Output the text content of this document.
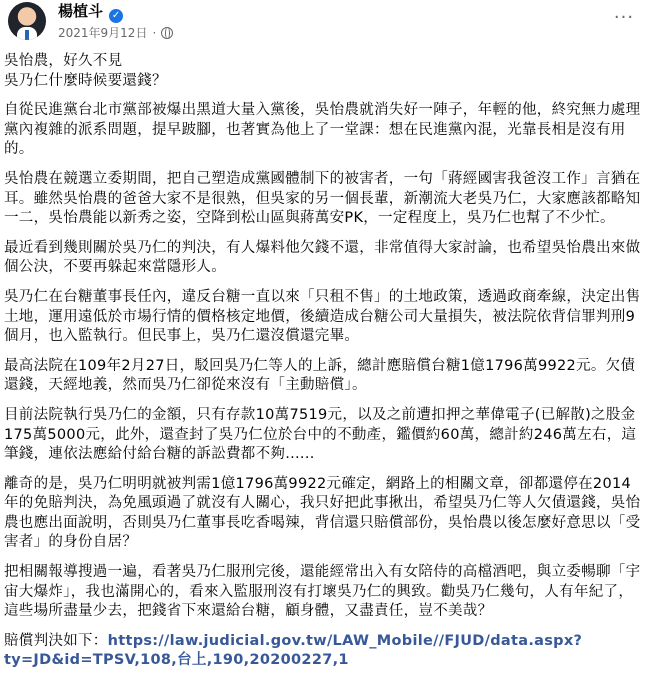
楊植斗 ✓
2021年9月12日 ·
···

吳怡農，好久不見
吳乃仁什麼時候要還錢？

自從民進黨台北市黨部被爆出黑道大量入黨後，吳怡農就消失好一陣子，年輕的他，終究無力處理黨內複雜的派系問題，提早跛腳，也著實為他上了一堂課：想在民進黨內混，光靠長相是沒有用的。

吳怡農在競選立委期間，把自己塑造成黨國體制下的被害者，一句「蔣經國害我爸沒工作」言猶在耳。雖然吳怡農的爸爸大家不是很熟，但吳家的另一個長輩，新潮流大老吳乃仁，大家應該都略知一二，吳怡農能以新秀之姿，空降到松山區與蔣萬安PK，一定程度上，吳乃仁也幫了不少忙。

最近看到幾則關於吳乃仁的判決，有人爆料他欠錢不還，非常值得大家討論，也希望吳怡農出來做個公決，不要再躲起來當隱形人。

吳乃仁在台糖董事長任內，違反台糖一直以來「只租不售」的土地政策，透過政商牽線，決定出售土地，運用遠低於市場行情的價格核定地價，後續造成台糖公司大量損失，被法院依背信罪判刑9個月，也入監執行。但民事上，吳乃仁還沒償還完畢。

最高法院在109年2月27日，駁回吳乃仁等人的上訴，總計應賠償台糖1億1796萬9922元。欠債還錢，天經地義，然而吳乃仁卻從來沒有「主動賠償」。

目前法院執行吳乃仁的金額，只有存款10萬7519元，以及之前遭扣押之華偉電子(已解散)之股金175萬5000元，此外，還查封了吳乃仁位於台中的不動產，鑑價約60萬，總計約246萬左右，這筆錢，連依法應給付給台糖的訴訟費都不夠......

離奇的是，吳乃仁明明就被判需1億1796萬9922元確定，網路上的相關文章，卻都還停在2014年的免賠判決，為免風頭過了就沒有人關心，我只好把此事揪出，希望吳乃仁等人欠債還錢，吳怡農也應出面說明，否則吳乃仁董事長吃香喝辣，背信還只賠償部份，吳怡農以後怎麼好意思以「受害者」的身份自居？

把相關報導搜過一遍，看著吳乃仁服刑完後，還能經常出入有女陪侍的高檔酒吧，與立委暢聊「宇宙大爆炸」，我也滿開心的，看來入監服刑沒有打壞吳乃仁的興致。勸吳乃仁幾句，人有年紀了，這些場所盡量少去，把錢省下來還給台糖，顧身體，又盡責任，豈不美哉？

賠償判決如下：https://law.judicial.gov.tw/LAW_Mobile//FJUD/data.aspx?ty=JD&id=TPSV,108,台上,190,20200227,1
